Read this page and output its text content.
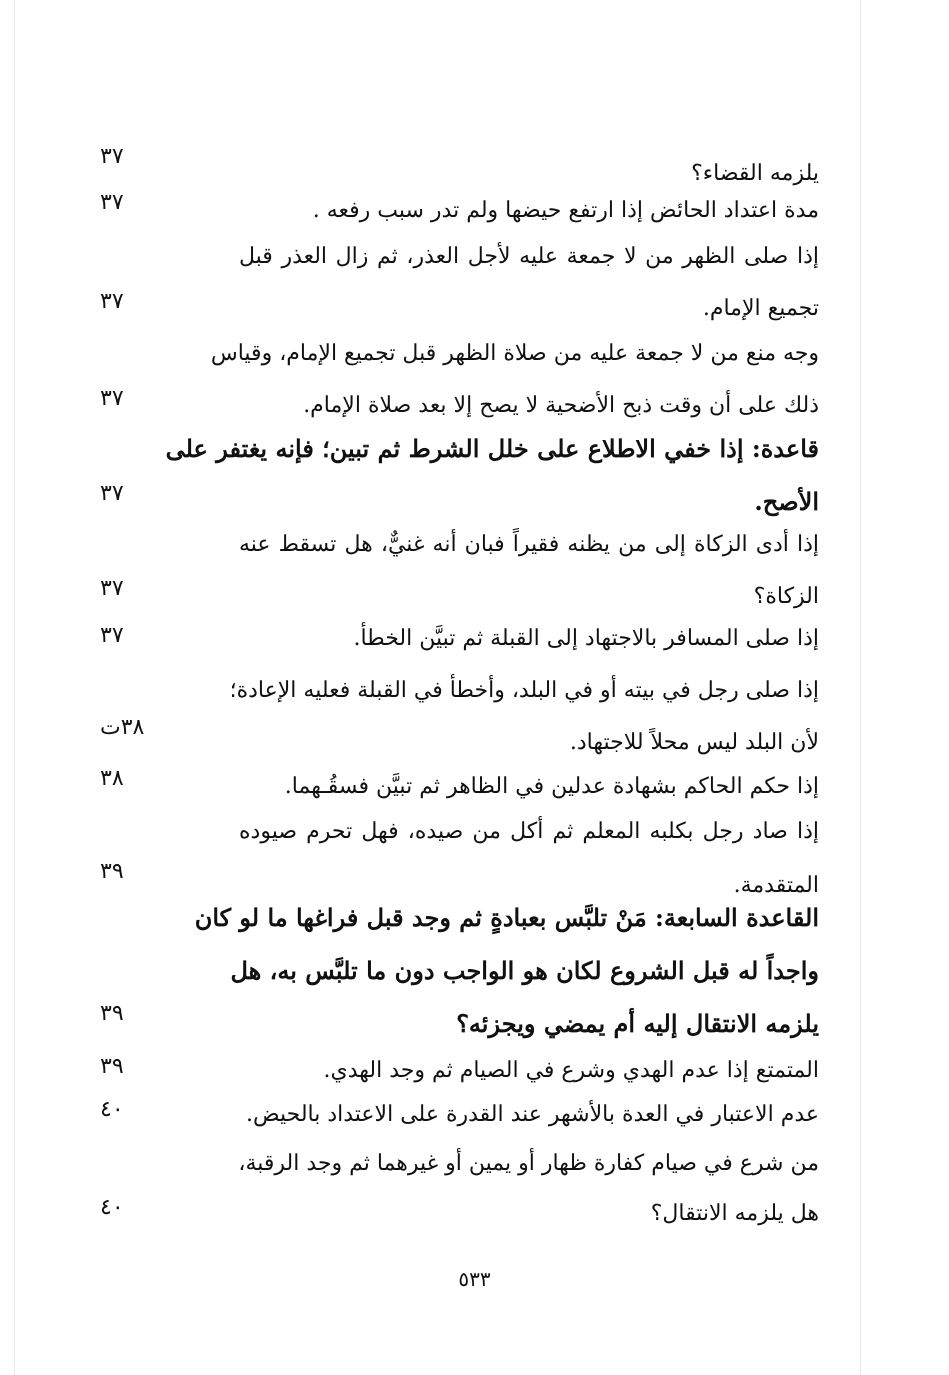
يلزمه القضاء؟
٣٧
مدة اعتداد الحائض إذا ارتفع حيضها ولم تدر سبب رفعه .
٣٧
إذا صلى الظهر من لا جمعة عليه لأجل العذر، ثم زال العذر قبل
تجميع الإمام.
٣٧
وجه منع من لا جمعة عليه من صلاة الظهر قبل تجميع الإمام، وقياس
ذلك على أن وقت ذبح الأضحية لا يصح إلا بعد صلاة الإمام.
٣٧
قاعدة: إذا خفي الاطلاع على خلل الشرط ثم تبين؛ فإنه يغتفر على
الأصح.
٣٧
إذا أدى الزكاة إلى من يظنه فقيراً فبان أنه غنيٌّ، هل تسقط عنه
الزكاة؟
٣٧
إذا صلى المسافر بالاجتهاد إلى القبلة ثم تبيَّن الخطأ.
٣٧
إذا صلى رجل في بيته أو في البلد، وأخطأ في القبلة فعليه الإعادة؛
لأن البلد ليس محلاً للاجتهاد.
٣٨ت
إذا حكم الحاكم بشهادة عدلين في الظاهر ثم تبيَّن فسقُـهما.
٣٨
إذا صاد رجل بكلبه المعلم ثم أكل من صيده، فهل تحرم صيوده
المتقدمة.
٣٩
القاعدة السابعة: مَنْ تلبَّس بعبادةٍ ثم وجد قبل فراغها ما لو كان
واجداً له قبل الشروع لكان هو الواجب دون ما تلبَّس به، هل
يلزمه الانتقال إليه أم يمضي ويجزئه؟
٣٩
المتمتع إذا عدم الهدي وشرع في الصيام ثم وجد الهدي.
٣٩
عدم الاعتبار في العدة بالأشهر عند القدرة على الاعتداد بالحيض.
٤٠
من شرع في صيام كفارة ظهار أو يمين أو غيرهما ثم وجد الرقبة،
هل يلزمه الانتقال؟
٤٠
٥٣٣
